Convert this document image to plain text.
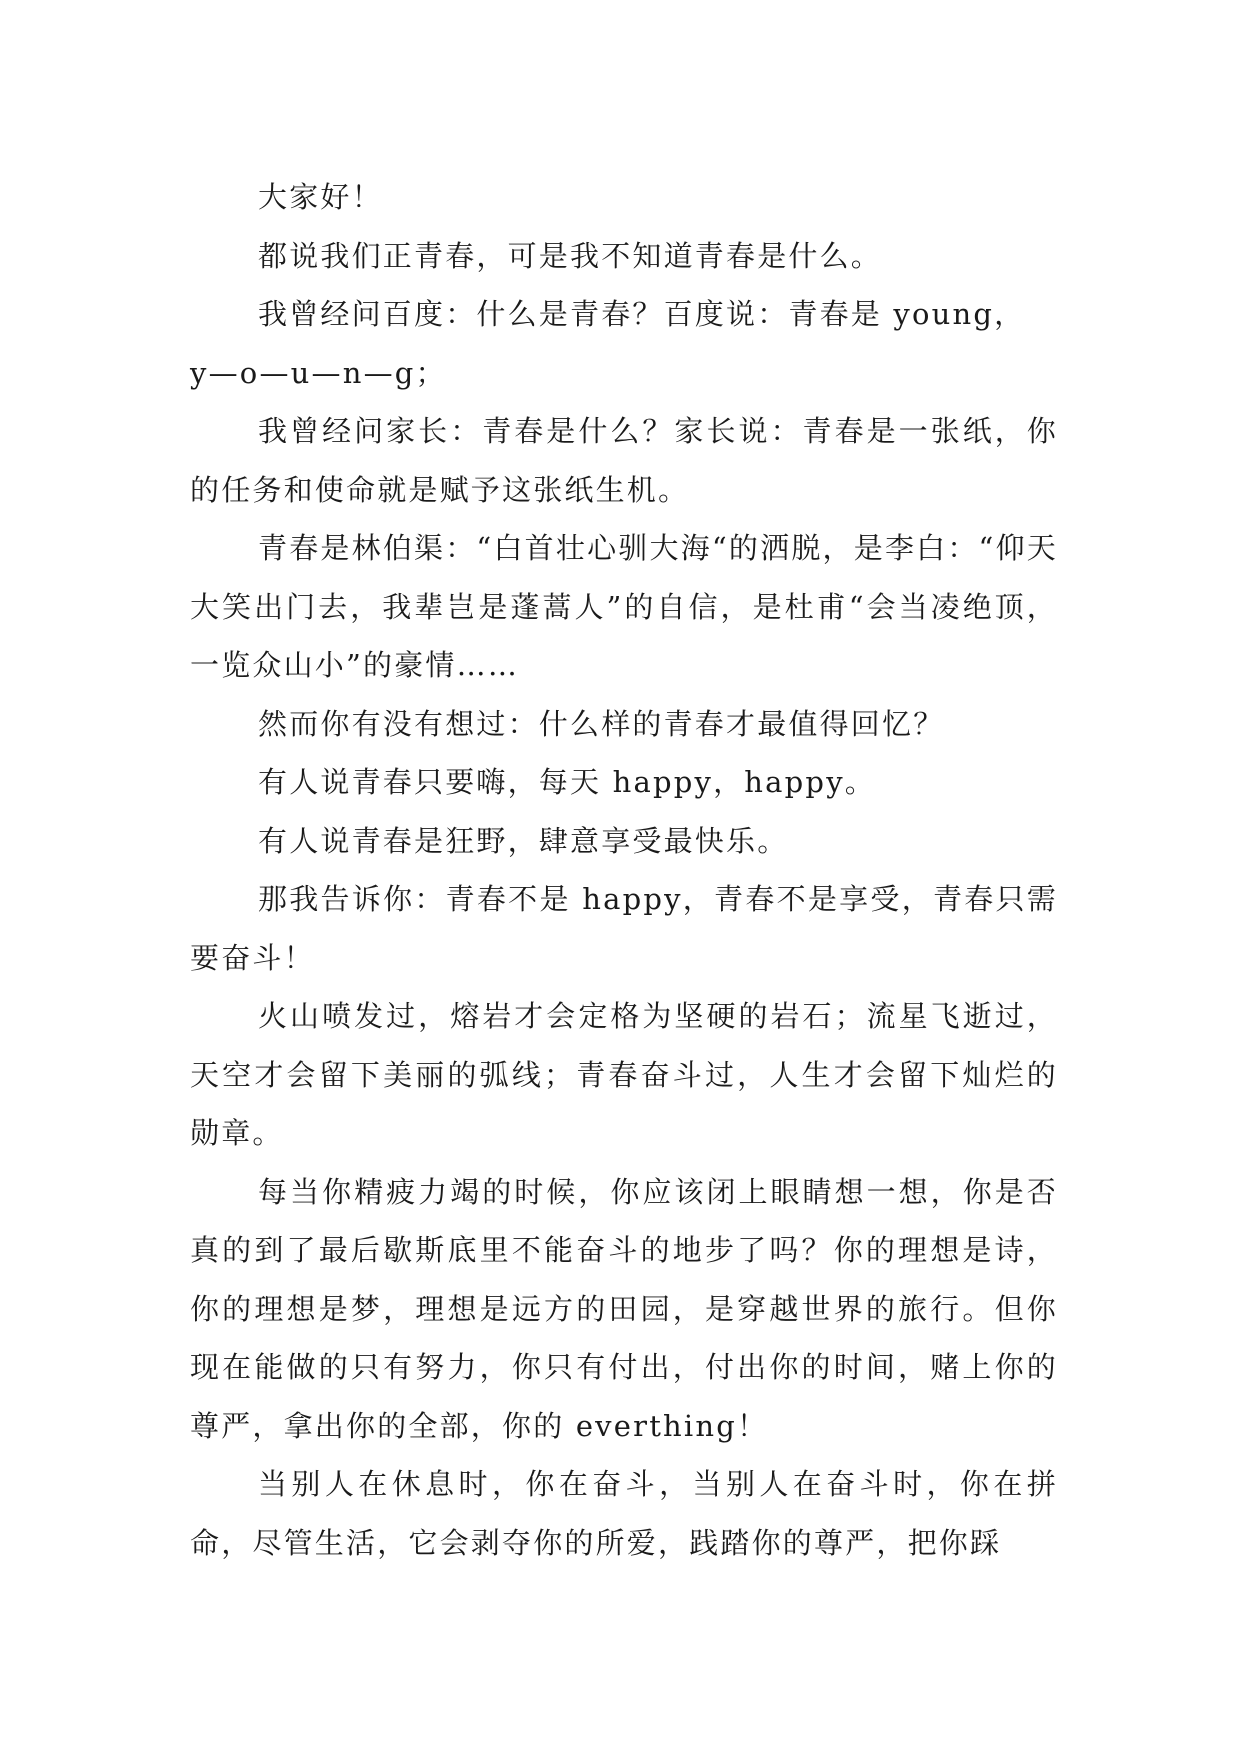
大家好！

都说我们正青春，可是我不知道青春是什么。

我曾经问百度：什么是青春？百度说：青春是 young，

y—o—u—n—g；

我曾经问家长：青春是什么？家长说：青春是一张纸，你的任务和使命就是赋予这张纸生机。

青春是林伯渠：“白首壮心驯大海“的洒脱，是李白：“仰天大笑出门去，我辈岂是蓬蒿人”的自信，是杜甫“会当凌绝顶，一览众山小”的豪情……

然而你有没有想过：什么样的青春才最值得回忆？

有人说青春只要嗨，每天 happy，happy。

有人说青春是狂野，肆意享受最快乐。

那我告诉你：青春不是 happy，青春不是享受，青春只需要奋斗！

火山喷发过，熔岩才会定格为坚硬的岩石；流星飞逝过，天空才会留下美丽的弧线；青春奋斗过，人生才会留下灿烂的勋章。

每当你精疲力竭的时候，你应该闭上眼睛想一想，你是否真的到了最后歇斯底里不能奋斗的地步了吗？你的理想是诗，你的理想是梦，理想是远方的田园，是穿越世界的旅行。但你现在能做的只有努力，你只有付出，付出你的时间，赌上你的尊严，拿出你的全部，你的 everthing！

当别人在休息时，你在奋斗，当别人在奋斗时，你在拼命，尽管生活，它会剥夺你的所爱，践踏你的尊严，把你踩
